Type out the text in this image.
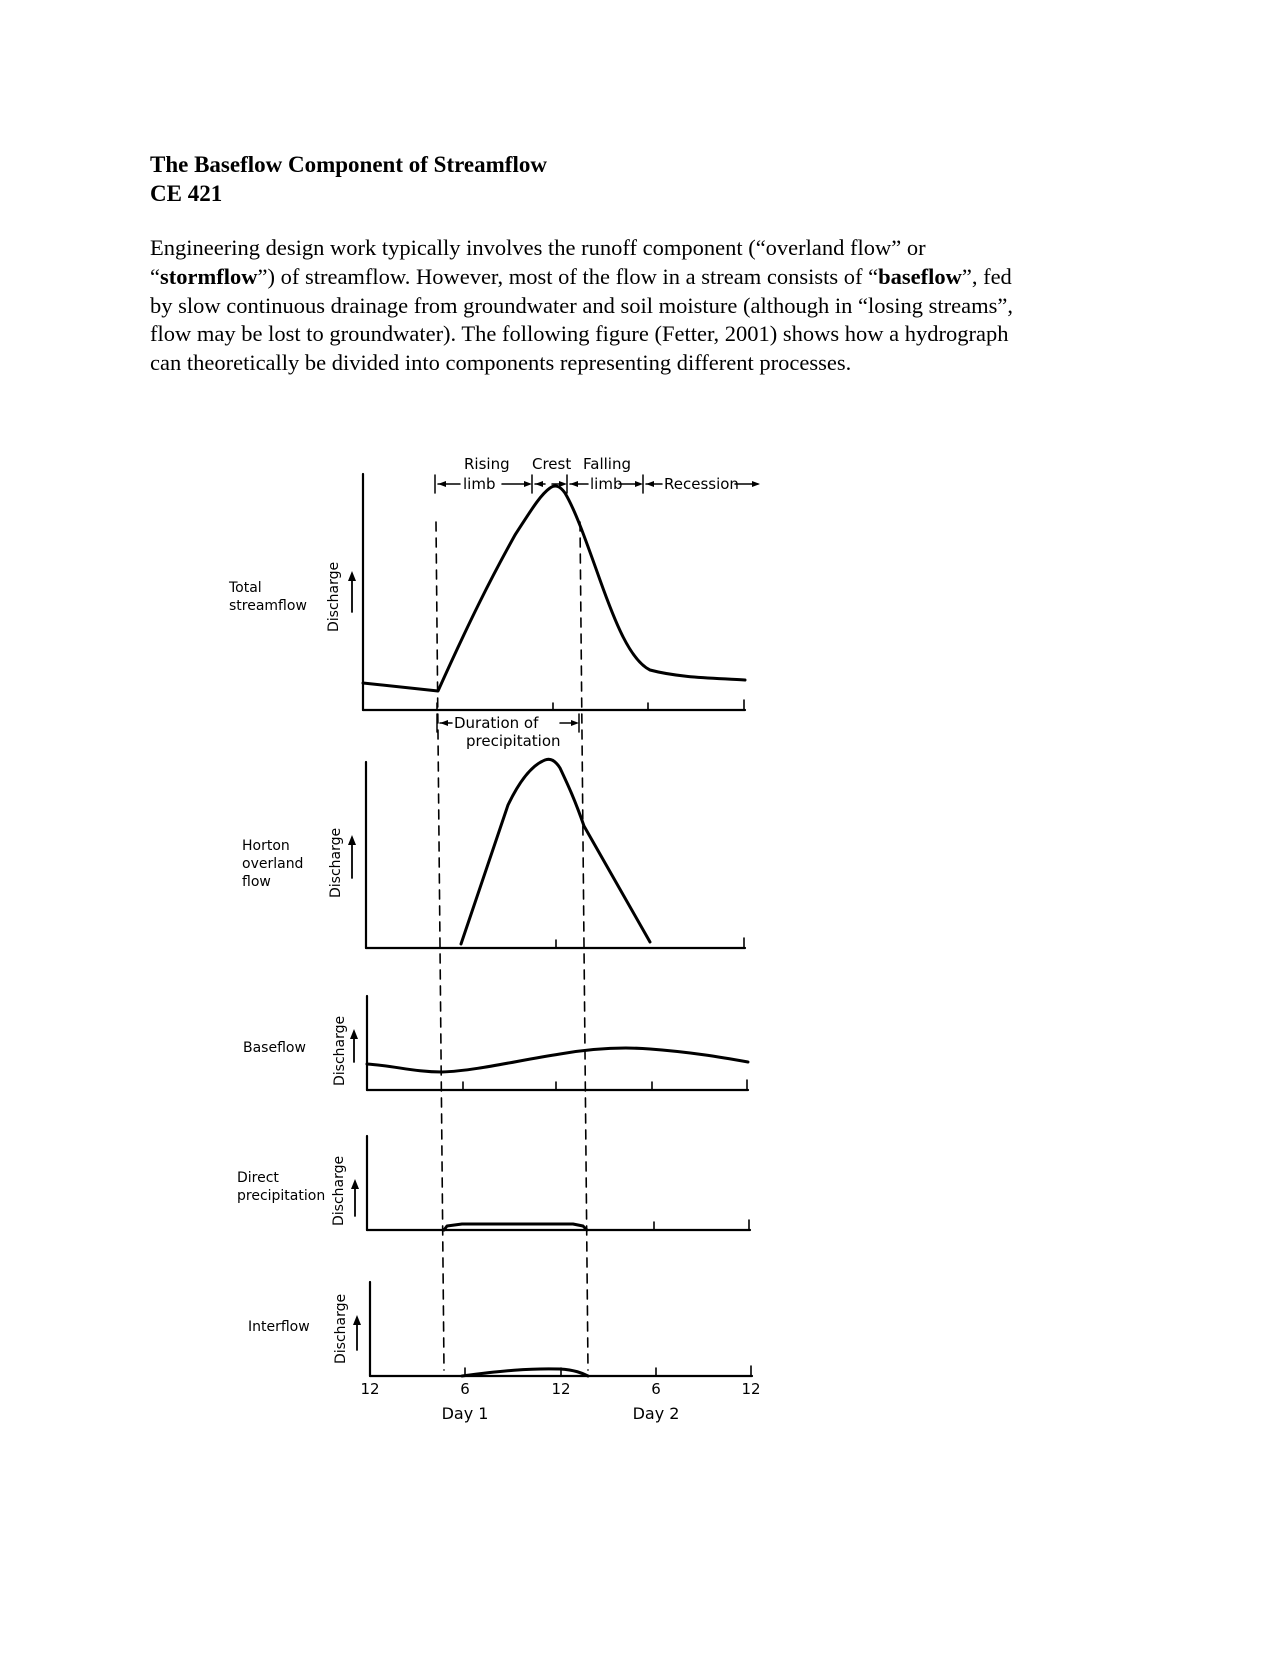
The Baseflow Component of Streamflow
CE 421
Engineering design work typically involves the runoff component (“overland flow” or
“stormflow”) of streamflow. However, most of the flow in a stream consists of “baseflow”, fed
by slow continuous drainage from groundwater and soil moisture (although in “losing streams”,
flow may be lost to groundwater). The following figure (Fetter, 2001) shows how a hydrograph
can theoretically be divided into components representing different processes.
Rising
limb
Crest Falling
limb	Recession
Duration of
precipitation
Discharge
Discharge
Discharge
Discharge
Discharge
Total
streamflow
Horton
overland
flow
Baseflow
Direct
precipitation
Interflow
12	6	12	6	12
Day 1	Day 2
